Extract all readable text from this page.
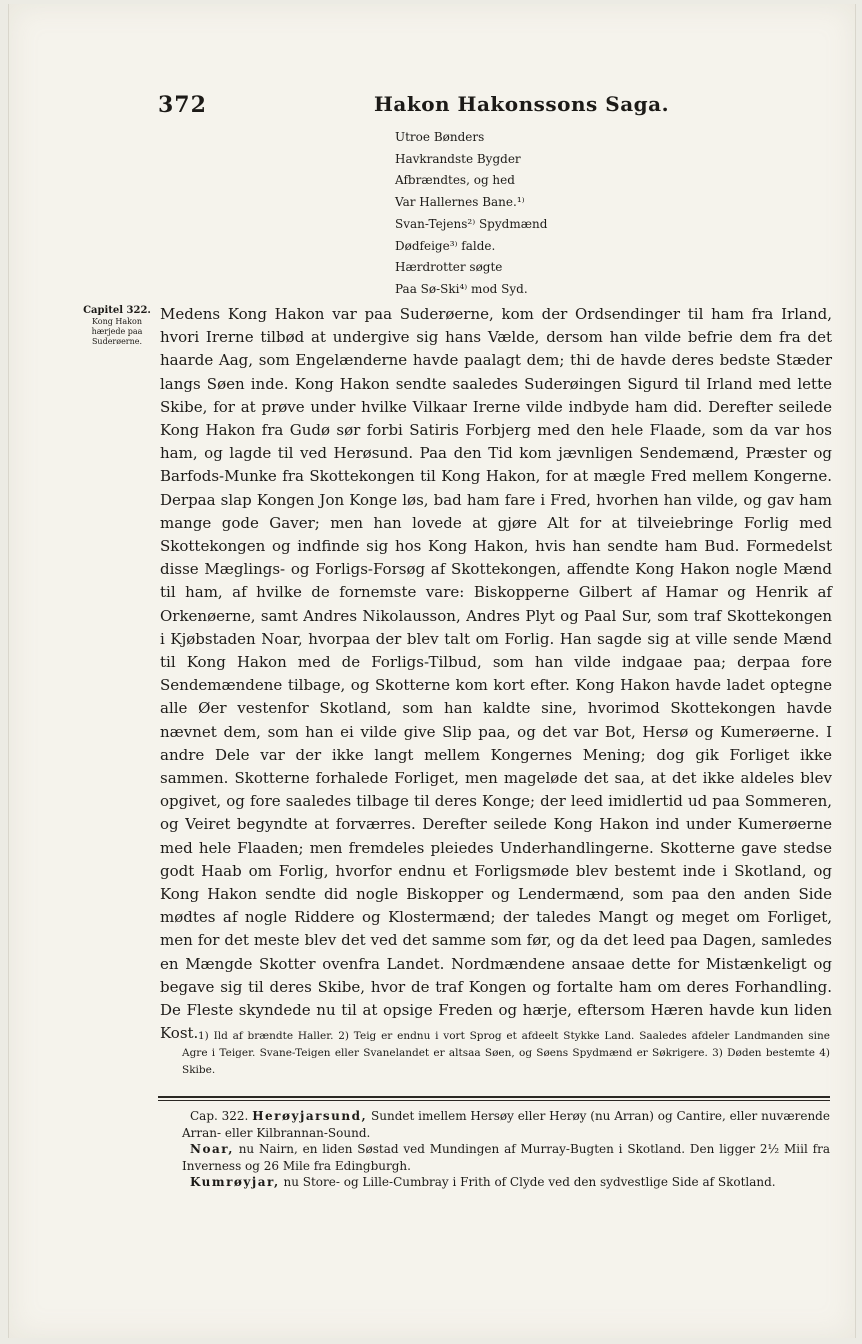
372	Hakon Hakonssons Saga.
Utroe Bønders
Havkrandste Bygder
Afbrændtes, og hed
Var Hallernes Bane.¹⁾
Svan-Tejens²⁾ Spydmænd
Dødfeige³⁾ falde.
Hærdrotter søgte
Paa Sø-Ski⁴⁾ mod Syd.
Capitel 322.
Kong Hakon hærjede paa Suderøerne.

Medens Kong Hakon var paa Suderøerne, kom der Ordsendinger til ham fra Irland, hvori Irerne tilbød at undergive sig hans Vælde, dersom han vilde befrie dem fra det haarde Aag, som Engelænderne havde paalagt dem; thi de havde deres bedste Stæder langs Søen inde. Kong Hakon sendte saaledes Suderøingen Sigurd til Irland med lette Skibe, for at prøve under hvilke Vilkaar Irerne vilde indbyde ham did. Derefter seilede Kong Hakon fra Gudø sør forbi Satiris Forbjerg med den hele Flaade, som da var hos ham, og lagde til ved Herøsund. Paa den Tid kom jævnligen Sendemænd, Præster og Barfods-Munke fra Skottekongen til Kong Hakon, for at mægle Fred mellem Kongerne. Derpaa slap Kongen Jon Konge løs, bad ham fare i Fred, hvorhen han vilde, og gav ham mange gode Gaver; men han lovede at gjøre Alt for at tilveiebringe Forlig med Skottekongen og indfinde sig hos Kong Hakon, hvis han sendte ham Bud. Formedelst disse Mæglings- og Forligs-Forsøg af Skottekongen, affendte Kong Hakon nogle Mænd til ham, af hvilke de fornemste vare: Biskopperne Gilbert af Hamar og Henrik af Orkenøerne, samt Andres Nikolausson, Andres Plyt og Paal Sur, som traf Skottekongen i Kjøbstaden Noar, hvorpaa der blev talt om Forlig. Han sagde sig at ville sende Mænd til Kong Hakon med de Forligs-Tilbud, som han vilde indgaae paa; derpaa fore Sendemændene tilbage, og Skotterne kom kort efter. Kong Hakon havde ladet optegne alle Øer vestenfor Skotland, som han kaldte sine, hvorimod Skottekongen havde nævnet dem, som han ei vilde give Slip paa, og det var Bot, Hersø og Kumerøerne. I andre Dele var der ikke langt mellem Kongernes Mening; dog gik Forliget ikke sammen. Skotterne forhalede Forliget, men mageløde det saa, at det ikke aldeles blev opgivet, og fore saaledes tilbage til deres Konge; der leed imidlertid ud paa Sommeren, og Veiret begyndte at forværres. Derefter seilede Kong Hakon ind under Kumerøerne med hele Flaaden; men fremdeles pleiedes Underhandlingerne. Skotterne gave stedse godt Haab om Forlig, hvorfor endnu et Forligsmøde blev bestemt inde i Skotland, og Kong Hakon sendte did nogle Biskopper og Lendermænd, som paa den anden Side mødtes af nogle Riddere og Klostermænd; der taledes Mangt og meget om Forliget, men for det meste blev det ved det samme som før, og da det leed paa Dagen, samledes en Mængde Skotter ovenfra Landet. Nordmændene ansaae dette for Mistænkeligt og begave sig til deres Skibe, hvor de traf Kongen og fortalte ham om deres Forhandling. De Fleste skyndede nu til at opsige Freden og hærje, eftersom Hæren havde kun liden Kost. 1) Ild af brændte Haller. 2) Teig er endnu i vort Sprog et afdeelt Stykke Land. Saaledes afdeler Landmanden sine Agre i Teiger. Svane-Teigen eller Svanelandet er altsaa Søen, og Søens Spydmænd er Søkrigere. 3) Døden bestemte 4) Skibe.

Cap. 322. Herøyjarsund, Sundet imellem Hersøy eller Herøy (nu Arran) og Cantire, eller nuværende Arran- eller Kilbrannan-Sound.

Noar, nu Nairn, en liden Søstad ved Mundingen af Murray-Bugten i Skotland. Den ligger 2½ Miil fra Inverness og 26 Mile fra Edingburgh.

Kumrøyjar, nu Store- og Lille-Cumbray i Frith of Clyde ved den sydvestlige Side af Skotland.
